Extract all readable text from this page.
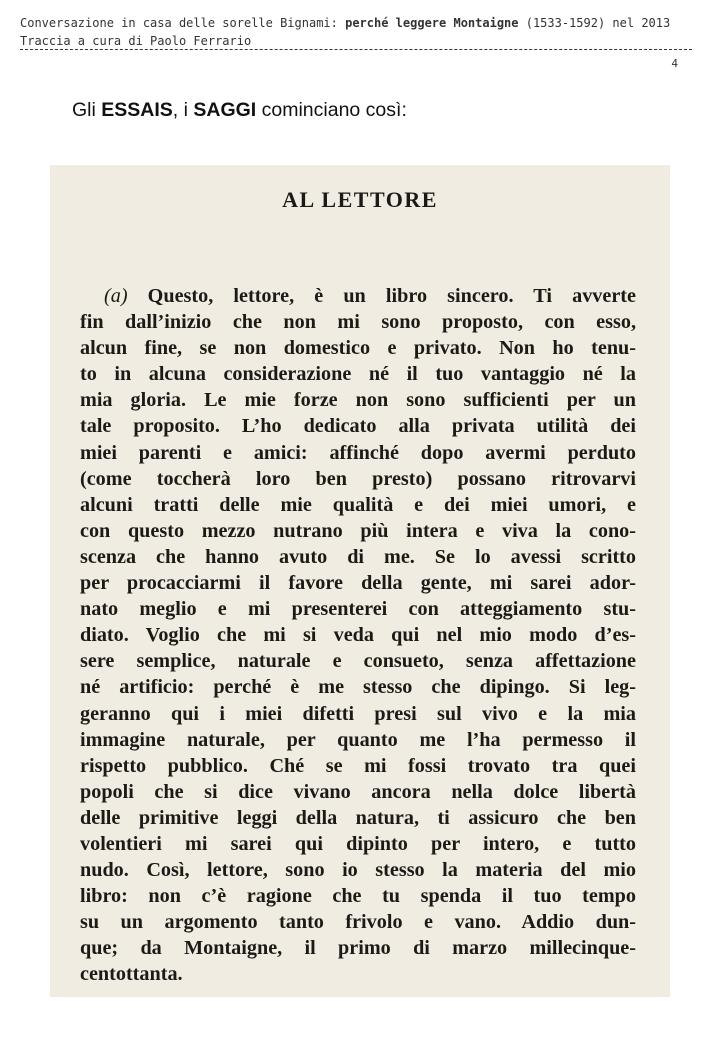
Conversazione in casa delle sorelle Bignami: perché leggere Montaigne (1533-1592) nel 2013
Traccia a cura di Paolo Ferrario
4
Gli ESSAIS, i SAGGI cominciano così:
AL LETTORE
(a) Questo, lettore, è un libro sincero. Ti avverte
fin dall’inizio che non mi sono proposto, con esso,
alcun fine, se non domestico e privato. Non ho tenu-
to in alcuna considerazione né il tuo vantaggio né la
mia gloria. Le mie forze non sono sufficienti per un
tale proposito. L’ho dedicato alla privata utilità dei
miei parenti e amici: affinché dopo avermi perduto
(come toccherà loro ben presto) possano ritrovarvi
alcuni tratti delle mie qualità e dei miei umori, e
con questo mezzo nutrano più intera e viva la cono-
scenza che hanno avuto di me. Se lo avessi scritto
per procacciarmi il favore della gente, mi sarei ador-
nato meglio e mi presenterei con atteggiamento stu-
diato. Voglio che mi si veda qui nel mio modo d’es-
sere semplice, naturale e consueto, senza affettazione
né artificio: perché è me stesso che dipingo. Si leg-
geranno qui i miei difetti presi sul vivo e la mia
immagine naturale, per quanto me l’ha permesso il
rispetto pubblico. Ché se mi fossi trovato tra quei
popoli che si dice vivano ancora nella dolce libertà
delle primitive leggi della natura, ti assicuro che ben
volentieri mi sarei qui dipinto per intero, e tutto
nudo. Così, lettore, sono io stesso la materia del mio
libro: non c’è ragione che tu spenda il tuo tempo
su un argomento tanto frivolo e vano. Addio dun-
que; da Montaigne, il primo di marzo millecinque-
centottanta.
